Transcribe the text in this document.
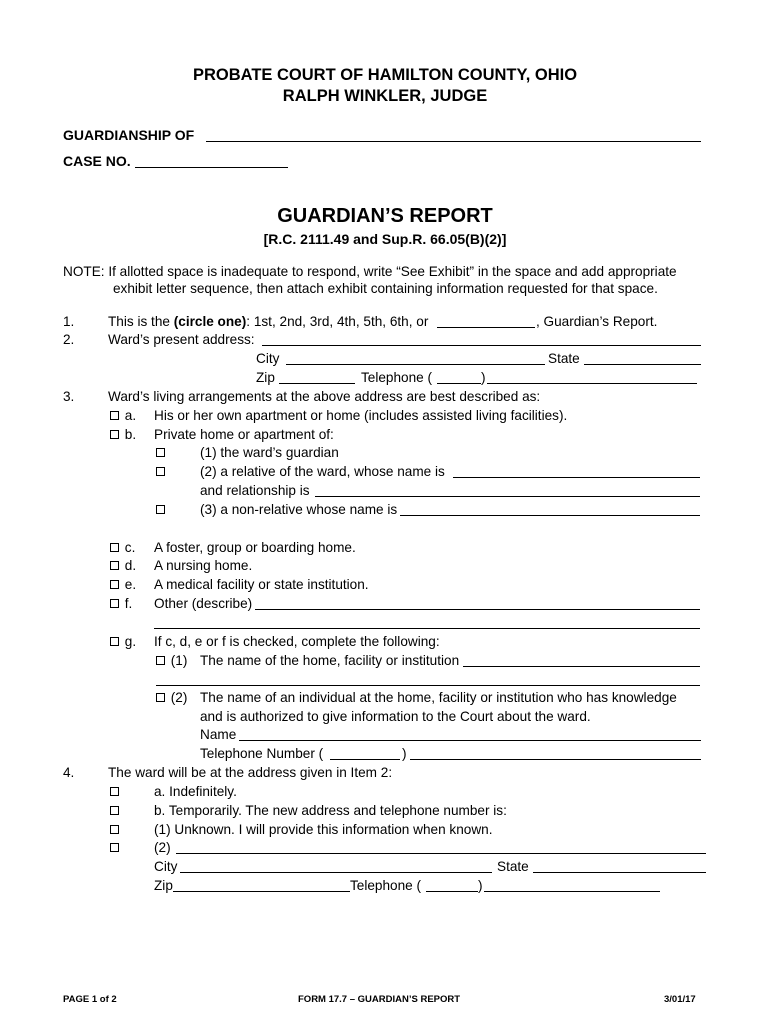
PROBATE COURT OF HAMILTON COUNTY, OHIO
RALPH WINKLER, JUDGE
GUARDIANSHIP OF
CASE NO.
GUARDIAN’S REPORT
[R.C. 2111.49 and Sup.R. 66.05(B)(2)]
NOTE: If allotted space is inadequate to respond, write “See Exhibit” in the space and add appropriate
exhibit letter sequence, then attach exhibit containing information requested for that space.
1. This is the (circle one): 1st, 2nd, 3rd, 4th, 5th, 6th, or	, Guardian’s Report.
2. Ward’s present address:
City	State
Zip	Telephone (	)
3. Ward’s living arrangements at the above address are best described as:
a. His or her own apartment or home (includes assisted living facilities).
b. Private home or apartment of:
(1) the ward’s guardian
(2) a relative of the ward, whose name is
and relationship is
(3) a non-relative whose name is
c. A foster, group or boarding home.
d. A nursing home.
e. A medical facility or state institution.
f. Other (describe)
g. If c, d, e or f is checked, complete the following:
(1) The name of the home, facility or institution
(2) The name of an individual at the home, facility or institution who has knowledge
and is authorized to give information to the Court about the ward.
Name
Telephone Number (	)
4. The ward will be at the address given in Item 2:
a. Indefinitely.
b. Temporarily. The new address and telephone number is:
(1) Unknown. I will provide this information when known.
(2)
City	State
Zip	Telephone (	)
PAGE 1 of 2	FORM 17.7 – GUARDIAN’S REPORT	3/01/17
